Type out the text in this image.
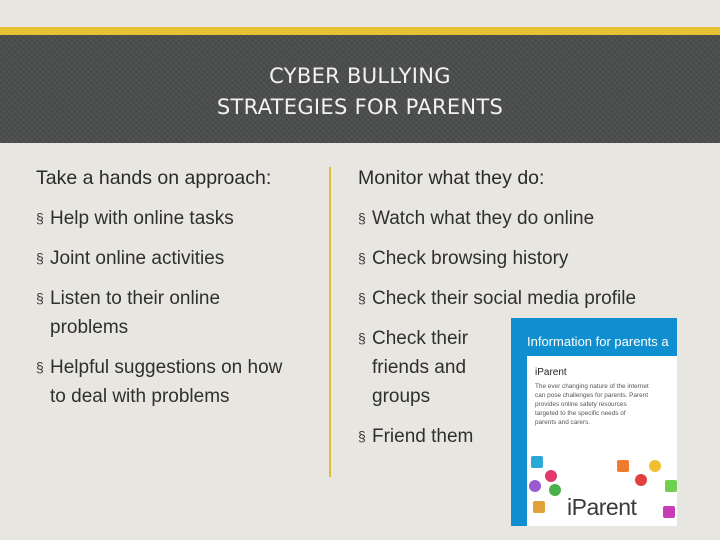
CYBER BULLYING
STRATEGIES FOR PARENTS
Take a hands on approach:
§ Help with online tasks
§ Joint online activities
§ Listen to their online
problems
§ Helpful suggestions on how
to deal with problems
Monitor what they do:
§ Watch what they do online
§ Check browsing history
§ Check their social media profile
§ Check their
friends and
groups
§ Friend them
Information for parents a
iParent
The ever changing nature of the internet
can pose challenges for parents. Parent
provides online safety resources
targeted to the specific needs of
parents and carers.
iParent
